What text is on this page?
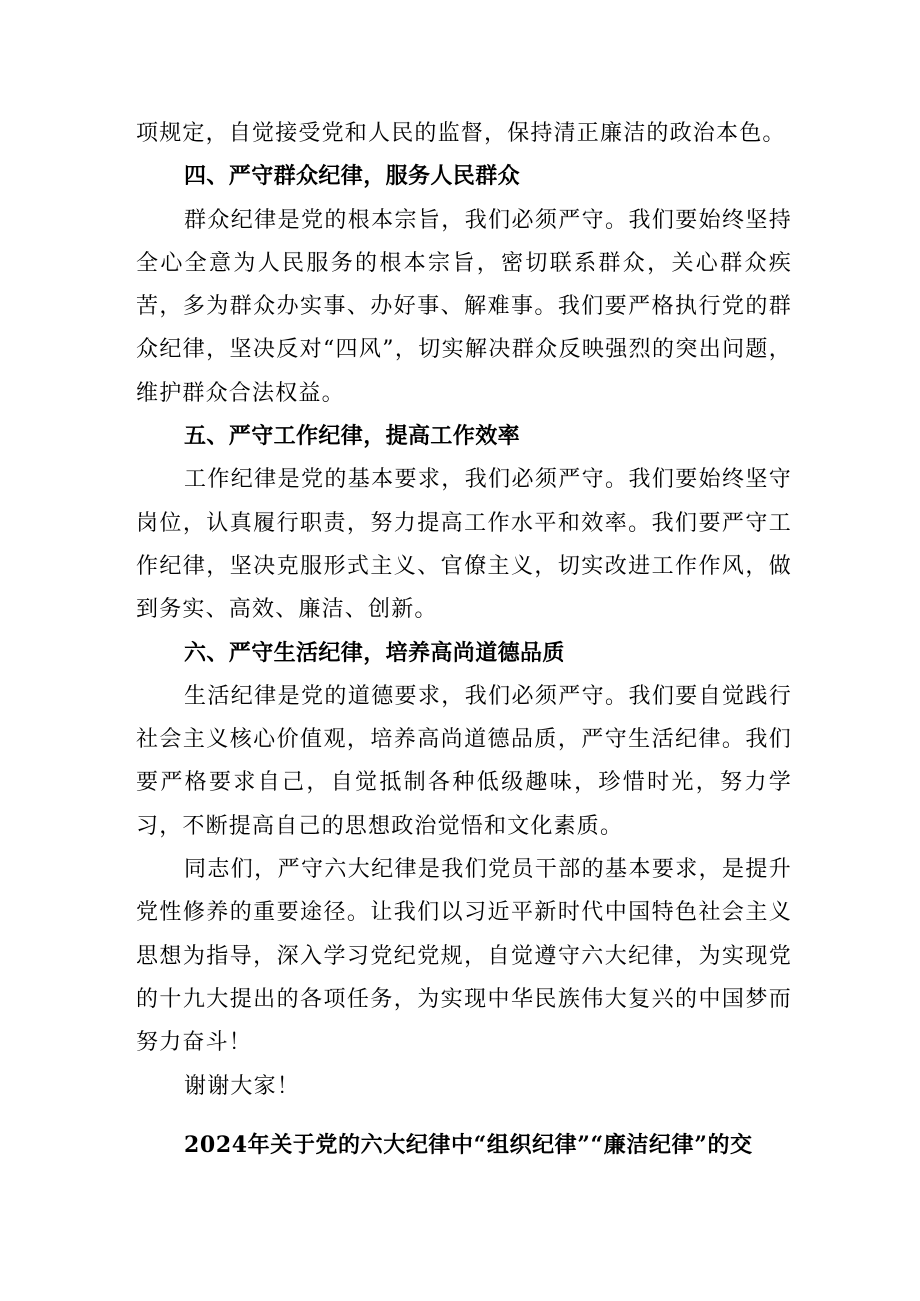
项规定，自觉接受党和人民的监督，保持清正廉洁的政治本色。

四、严守群众纪律，服务人民群众

群众纪律是党的根本宗旨，我们必须严守。我们要始终坚持全心全意为人民服务的根本宗旨，密切联系群众，关心群众疾苦，多为群众办实事、办好事、解难事。我们要严格执行党的群众纪律，坚决反对“四风”，切实解决群众反映强烈的突出问题，维护群众合法权益。

五、严守工作纪律，提高工作效率

工作纪律是党的基本要求，我们必须严守。我们要始终坚守岗位，认真履行职责，努力提高工作水平和效率。我们要严守工作纪律，坚决克服形式主义、官僚主义，切实改进工作作风，做到务实、高效、廉洁、创新。

六、严守生活纪律，培养高尚道德品质

生活纪律是党的道德要求，我们必须严守。我们要自觉践行社会主义核心价值观，培养高尚道德品质，严守生活纪律。我们要严格要求自己，自觉抵制各种低级趣味，珍惜时光，努力学习，不断提高自己的思想政治觉悟和文化素质。

同志们，严守六大纪律是我们党员干部的基本要求，是提升党性修养的重要途径。让我们以习近平新时代中国特色社会主义思想为指导，深入学习党纪党规，自觉遵守六大纪律，为实现党的十九大提出的各项任务，为实现中华民族伟大复兴的中国梦而努力奋斗！

谢谢大家！

2024年关于党的六大纪律中“组织纪律”“廉洁纪律”的交
